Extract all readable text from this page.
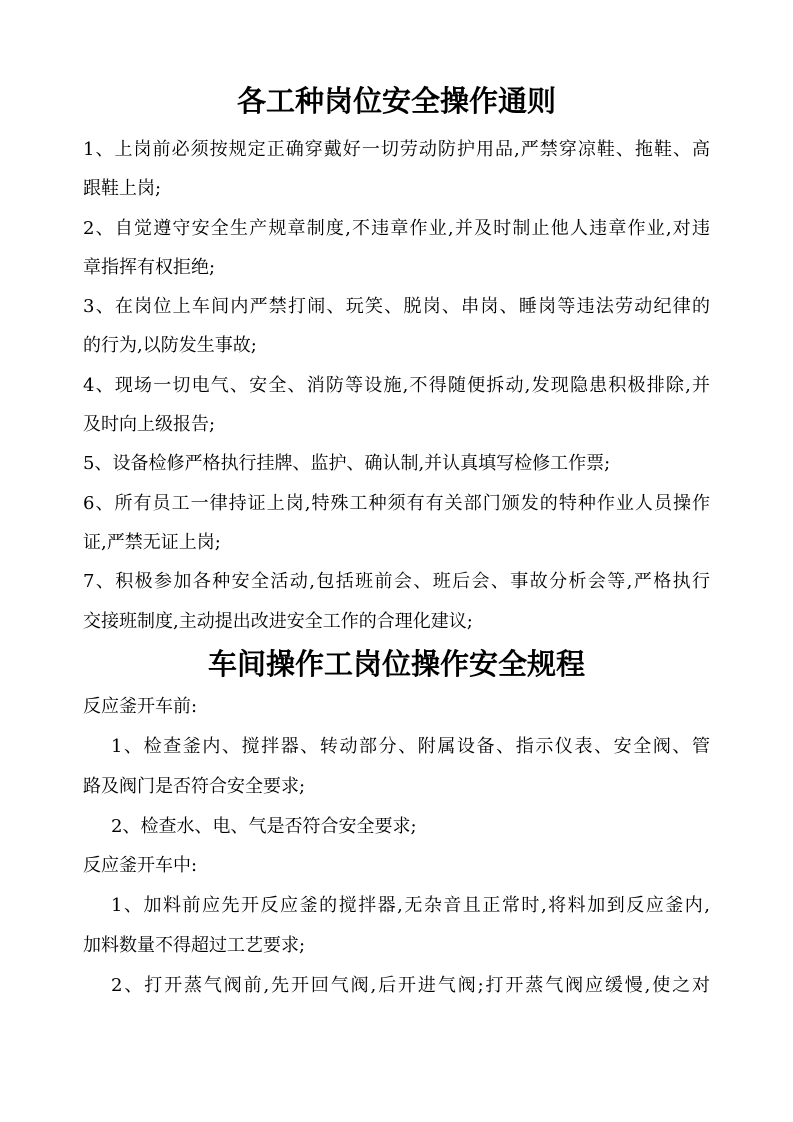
各工种岗位安全操作通则
1、上岗前必须按规定正确穿戴好一切劳动防护用品,严禁穿凉鞋、拖鞋、高
跟鞋上岗;
2、自觉遵守安全生产规章制度,不违章作业,并及时制止他人违章作业,对违
章指挥有权拒绝;
3、在岗位上车间内严禁打闹、玩笑、脱岗、串岗、睡岗等违法劳动纪律的
的行为,以防发生事故;
4、现场一切电气、安全、消防等设施,不得随便拆动,发现隐患积极排除,并
及时向上级报告;
5、设备检修严格执行挂牌、监护、确认制,并认真填写检修工作票;
6、所有员工一律持证上岗,特殊工种须有有关部门颁发的特种作业人员操作
证,严禁无证上岗;
7、积极参加各种安全活动,包括班前会、班后会、事故分析会等,严格执行
交接班制度,主动提出改进安全工作的合理化建议;
车间操作工岗位操作安全规程
反应釜开车前:
1、检查釜内、搅拌器、转动部分、附属设备、指示仪表、安全阀、管
路及阀门是否符合安全要求;
2、检查水、电、气是否符合安全要求;
反应釜开车中:
1、加料前应先开反应釜的搅拌器,无杂音且正常时,将料加到反应釜内,
加料数量不得超过工艺要求;
2、打开蒸气阀前,先开回气阀,后开进气阀;打开蒸气阀应缓慢,使之对
